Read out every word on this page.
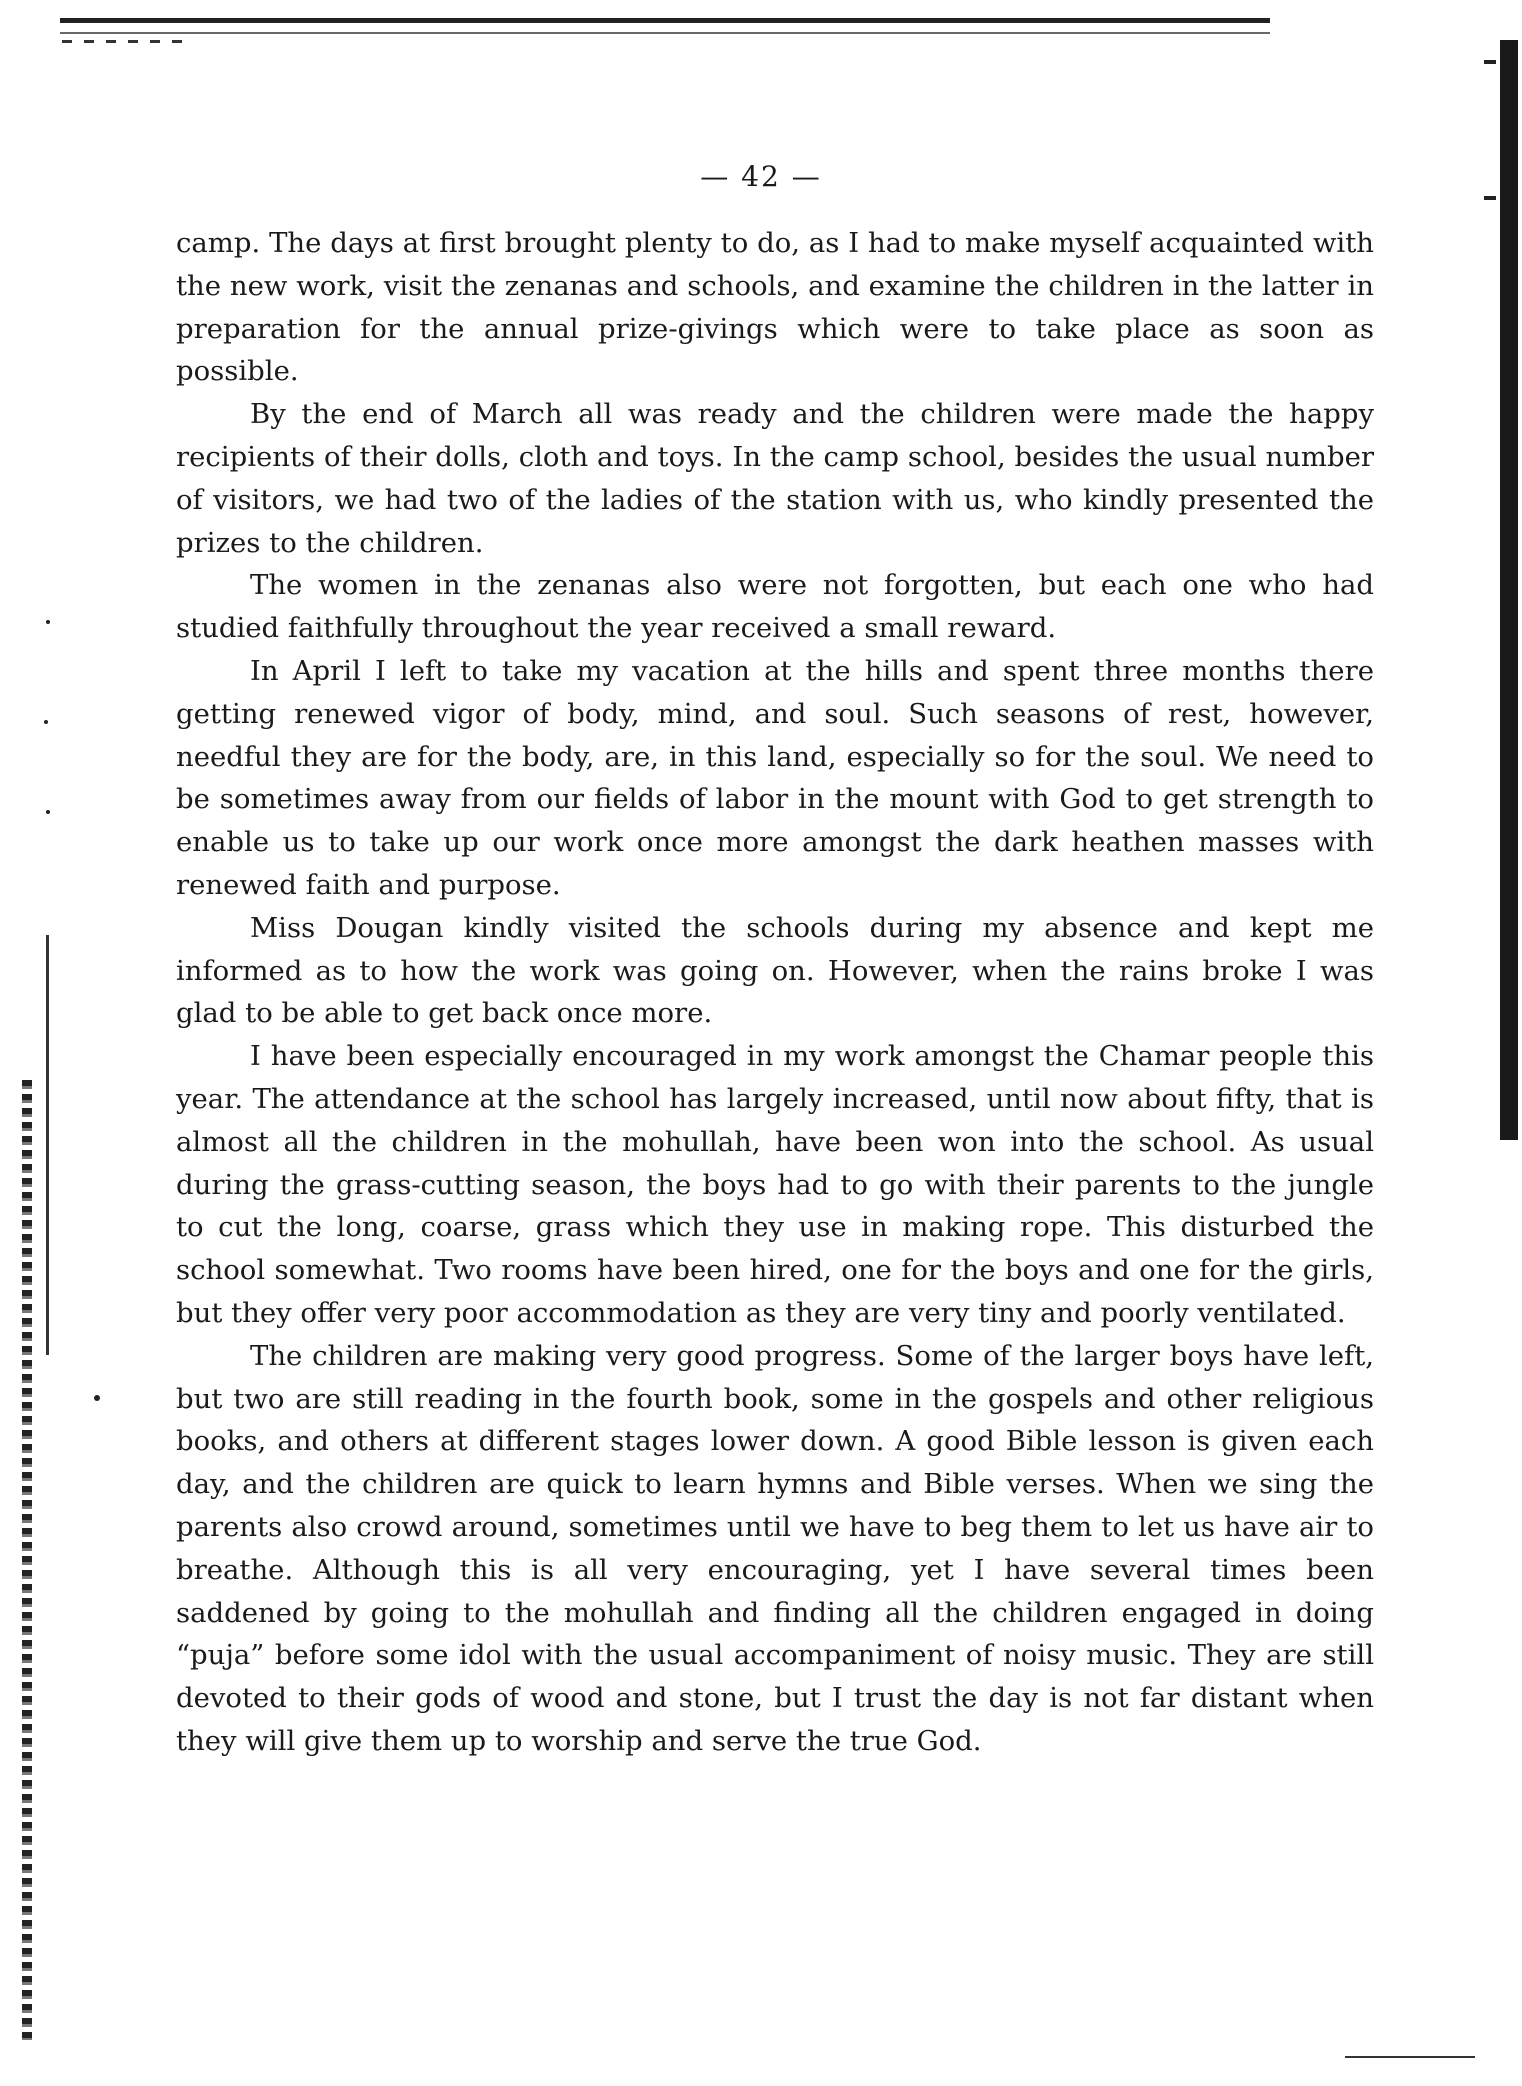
— 42 —

camp. The days at first brought plenty to do, as I had to make myself acquainted with the new work, visit the zenanas and schools, and examine the children in the latter in preparation for the annual prize-givings which were to take place as soon as possible.

By the end of March all was ready and the children were made the happy recipients of their dolls, cloth and toys. In the camp school, besides the usual number of visitors, we had two of the ladies of the station with us, who kindly presented the prizes to the children.

The women in the zenanas also were not forgotten, but each one who had studied faithfully throughout the year received a small reward.

In April I left to take my vacation at the hills and spent three months there getting renewed vigor of body, mind, and soul. Such seasons of rest, however, needful they are for the body, are, in this land, especially so for the soul. We need to be sometimes away from our fields of labor in the mount with God to get strength to enable us to take up our work once more amongst the dark heathen masses with renewed faith and purpose.

Miss Dougan kindly visited the schools during my absence and kept me informed as to how the work was going on. However, when the rains broke I was glad to be able to get back once more.

I have been especially encouraged in my work amongst the Chamar people this year. The attendance at the school has largely increased, until now about fifty, that is almost all the children in the mohullah, have been won into the school. As usual during the grass-cutting season, the boys had to go with their parents to the jungle to cut the long, coarse, grass which they use in making rope. This disturbed the school somewhat. Two rooms have been hired, one for the boys and one for the girls, but they offer very poor accommodation as they are very tiny and poorly ventilated.

The children are making very good progress. Some of the larger boys have left, but two are still reading in the fourth book, some in the gospels and other religious books, and others at different stages lower down. A good Bible lesson is given each day, and the children are quick to learn hymns and Bible verses. When we sing the parents also crowd around, sometimes until we have to beg them to let us have air to breathe. Although this is all very encouraging, yet I have several times been saddened by going to the mohullah and finding all the children engaged in doing “puja” before some idol with the usual accompaniment of noisy music. They are still devoted to their gods of wood and stone, but I trust the day is not far distant when they will give them up to worship and serve the true God.
